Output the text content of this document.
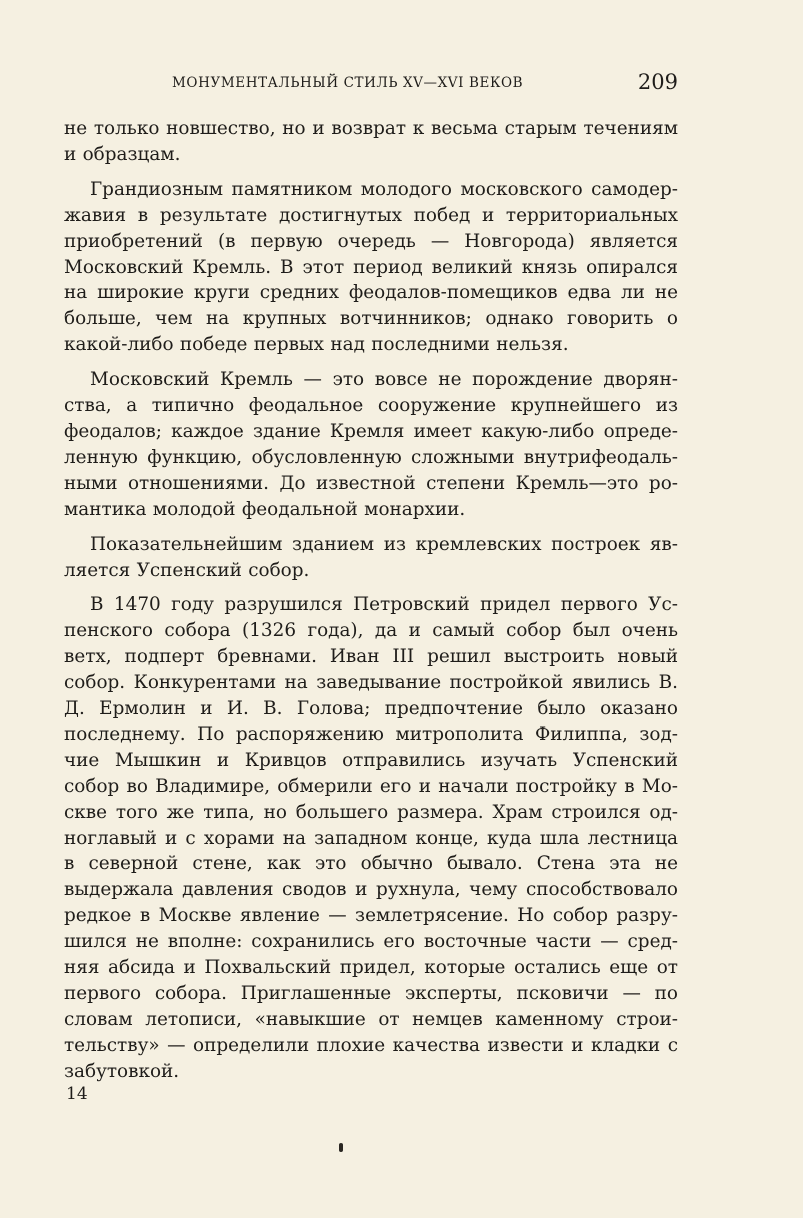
МОНУМЕНТАЛЬНЫЙ СТИЛЬ XV—XVI ВЕКОВ	209

не только новшество, но и возврат к весьма старым течениям и образцам.

Грандиозным памятником молодого московского самодержавия в результате достигнутых побед и территориальных приобретений (в первую очередь — Новгорода) является Московский Кремль. В этот период великий князь опирался на широкие круги средних феодалов-помещиков едва ли не больше, чем на крупных вотчинников; однако говорить о какой-либо победе первых над последними нельзя.

Московский Кремль — это вовсе не порождение дворянства, а типично феодальное сооружение крупнейшего из феодалов; каждое здание Кремля имеет какую-либо определенную функцию, обусловленную сложными внутрифеодальными отношениями. До известной степени Кремль—это романтика молодой феодальной монархии.

Показательнейшим зданием из кремлевских построек является Успенский собор.

В 1470 году разрушился Петровский придел первого Успенского собора (1326 года), да и самый собор был очень ветх, подперт бревнами. Иван III решил выстроить новый собор. Конкурентами на заведывание постройкой явились В. Д. Ермолин и И. В. Голова; предпочтение было оказано последнему. По распоряжению митрополита Филиппа, зодчие Мышкин и Кривцов отправились изучать Успенский собор во Владимире, обмерили его и начали постройку в Москве того же типа, но большего размера. Храм строился одноглавый и с хорами на западном конце, куда шла лестница в северной стене, как это обычно бывало. Стена эта не выдержала давления сводов и рухнула, чему способствовало редкое в Москве явление — землетрясение. Но собор разрушился не вполне: сохранились его восточные части — средняя абсида и Похвальский придел, которые остались еще от первого собора. Приглашенные эксперты, псковичи — по словам летописи, «навыкшие от немцев каменному строительству» — определили плохие качества извести и кладки с забутовкой.

14
